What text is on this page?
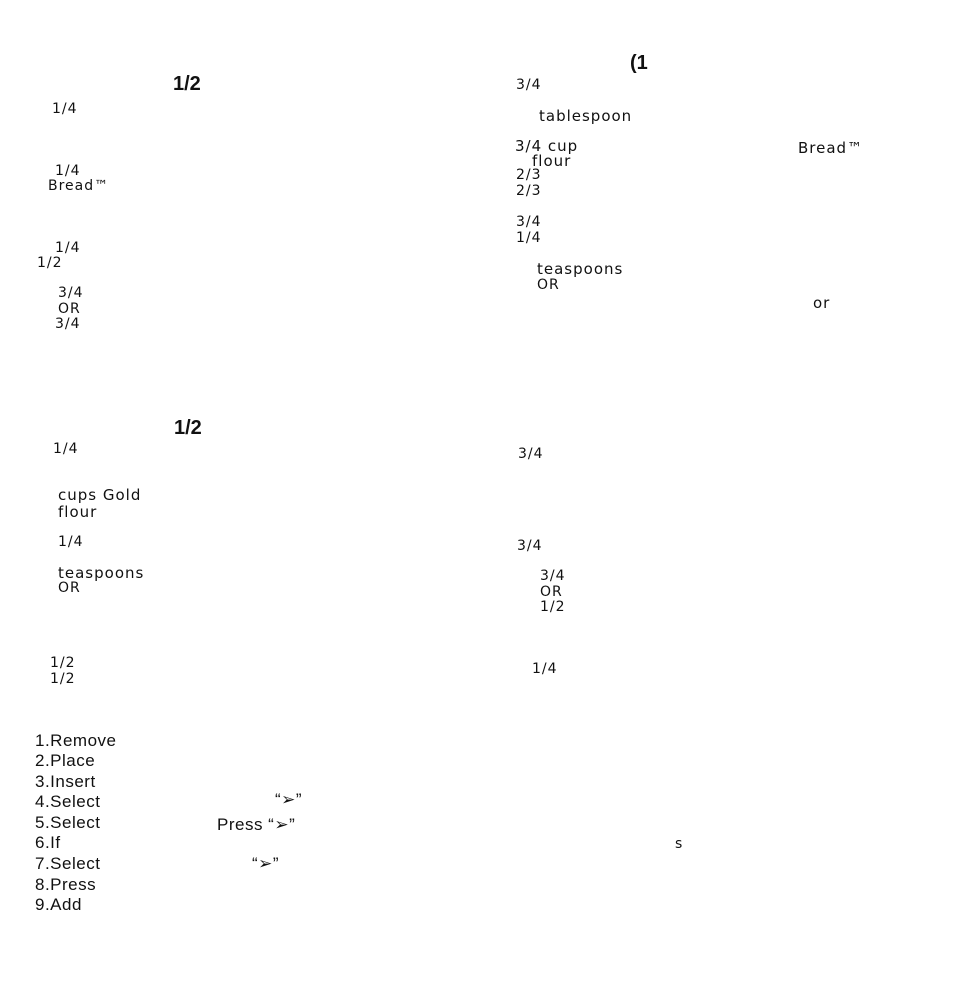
1/2
1/4
1/4
Bread™
1/4
1/2
3/4
OR
3/4
(1
3/4
tablespoon
3/4 cup
flour
Bread™
2/3
2/3
3/4
1/4
teaspoons
OR
or
1/2
1/4
cups Gold
flour
1/4
teaspoons
OR
1/2
1/2
3/4
3/4
3/4
OR
1/2
1/4
1.Remove
2.Place
3.Insert
4.Select	“➢”
5.Select	Press “➢”
6.If
7.Select	“➢”
8.Press
9.Add
s
